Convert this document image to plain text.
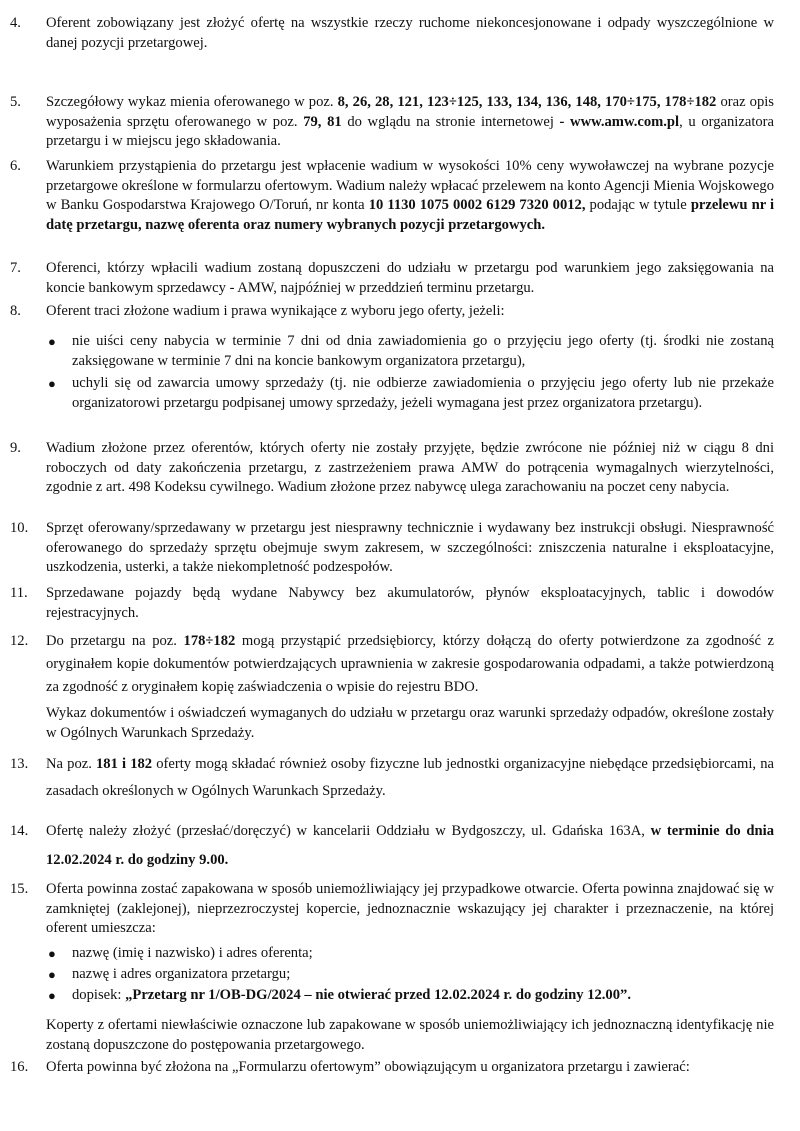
4.	Oferent zobowiązany jest złożyć ofertę na wszystkie rzeczy ruchome niekoncesjonowane i odpady wyszczególnione w danej pozycji przetargowej.
5.	Szczegółowy wykaz mienia oferowanego w poz. 8, 26, 28, 121, 123÷125, 133, 134, 136, 148, 170÷175, 178÷182 oraz opis wyposażenia sprzętu oferowanego w poz. 79, 81 do wglądu na stronie internetowej - www.amw.com.pl, u organizatora przetargu i w miejscu jego składowania.
6.	Warunkiem przystąpienia do przetargu jest wpłacenie wadium w wysokości 10% ceny wywoławczej na wybrane pozycje przetargowe określone w formularzu ofertowym. Wadium należy wpłacać przelewem na konto Agencji Mienia Wojskowego w Banku Gospodarstwa Krajowego O/Toruń, nr konta 10 1130 1075 0002 6129 7320 0012, podając w tytule przelewu nr i datę przetargu, nazwę oferenta oraz numery wybranych pozycji przetargowych.
7.	Oferenci, którzy wpłacili wadium zostaną dopuszczeni do udziału w przetargu pod warunkiem jego zaksięgowania na koncie bankowym sprzedawcy - AMW, najpóźniej w przeddzień terminu przetargu.
8.	Oferent traci złożone wadium i prawa wynikające z wyboru jego oferty, jeżeli:
● nie uiści ceny nabycia w terminie 7 dni od dnia zawiadomienia go o przyjęciu jego oferty (tj. środki nie zostaną zaksięgowane w terminie 7 dni na koncie bankowym organizatora przetargu),
● uchyli się od zawarcia umowy sprzedaży (tj. nie odbierze zawiadomienia o przyjęciu jego oferty lub nie przekaże organizatorowi przetargu podpisanej umowy sprzedaży, jeżeli wymagana jest przez organizatora przetargu).
9.	Wadium złożone przez oferentów, których oferty nie zostały przyjęte, będzie zwrócone nie później niż w ciągu 8 dni roboczych od daty zakończenia przetargu, z zastrzeżeniem prawa AMW do potrącenia wymagalnych wierzytelności, zgodnie z art. 498 Kodeksu cywilnego. Wadium złożone przez nabywcę ulega zarachowaniu na poczet ceny nabycia.
10.	Sprzęt oferowany/sprzedawany w przetargu jest niesprawny technicznie i wydawany bez instrukcji obsługi. Niesprawność oferowanego do sprzedaży sprzętu obejmuje swym zakresem, w szczególności: zniszczenia naturalne i eksploatacyjne, uszkodzenia, usterki, a także niekompletność podzespołów.
11.	Sprzedawane pojazdy będą wydane Nabywcy bez akumulatorów, płynów eksploatacyjnych, tablic i dowodów rejestracyjnych.
12.	Do przetargu na poz. 178÷182 mogą przystąpić przedsiębiorcy, którzy dołączą do oferty potwierdzone za zgodność z oryginałem kopie dokumentów potwierdzających uprawnienia w zakresie gospodarowania odpadami, a także potwierdzoną za zgodność z oryginałem kopię zaświadczenia o wpisie do rejestru BDO.
Wykaz dokumentów i oświadczeń wymaganych do udziału w przetargu oraz warunki sprzedaży odpadów, określone zostały w Ogólnych Warunkach Sprzedaży.
13.	Na poz. 181 i 182 oferty mogą składać również osoby fizyczne lub jednostki organizacyjne niebędące przedsiębiorcami, na zasadach określonych w Ogólnych Warunkach Sprzedaży.
14.	Ofertę należy złożyć (przesłać/doręczyć) w kancelarii Oddziału w Bydgoszczy, ul. Gdańska 163A, w terminie do dnia 12.02.2024 r. do godziny 9.00.
15.	Oferta powinna zostać zapakowana w sposób uniemożliwiający jej przypadkowe otwarcie. Oferta powinna znajdować się w zamkniętej (zaklejonej), nieprzezroczystej kopercie, jednoznacznie wskazujący jej charakter i przeznaczenie, na której oferent umieszcza:
● nazwę (imię i nazwisko) i adres oferenta;
● nazwę i adres organizatora przetargu;
● dopisek: „Przetarg nr 1/OB-DG/2024 – nie otwierać przed 12.02.2024 r. do godziny 12.00”.
Koperty z ofertami niewłaściwie oznaczone lub zapakowane w sposób uniemożliwiający ich jednoznaczną identyfikację nie zostaną dopuszczone do postępowania przetargowego.
16.	Oferta powinna być złożona na „Formularzu ofertowym” obowiązującym u organizatora przetargu i zawierać:
